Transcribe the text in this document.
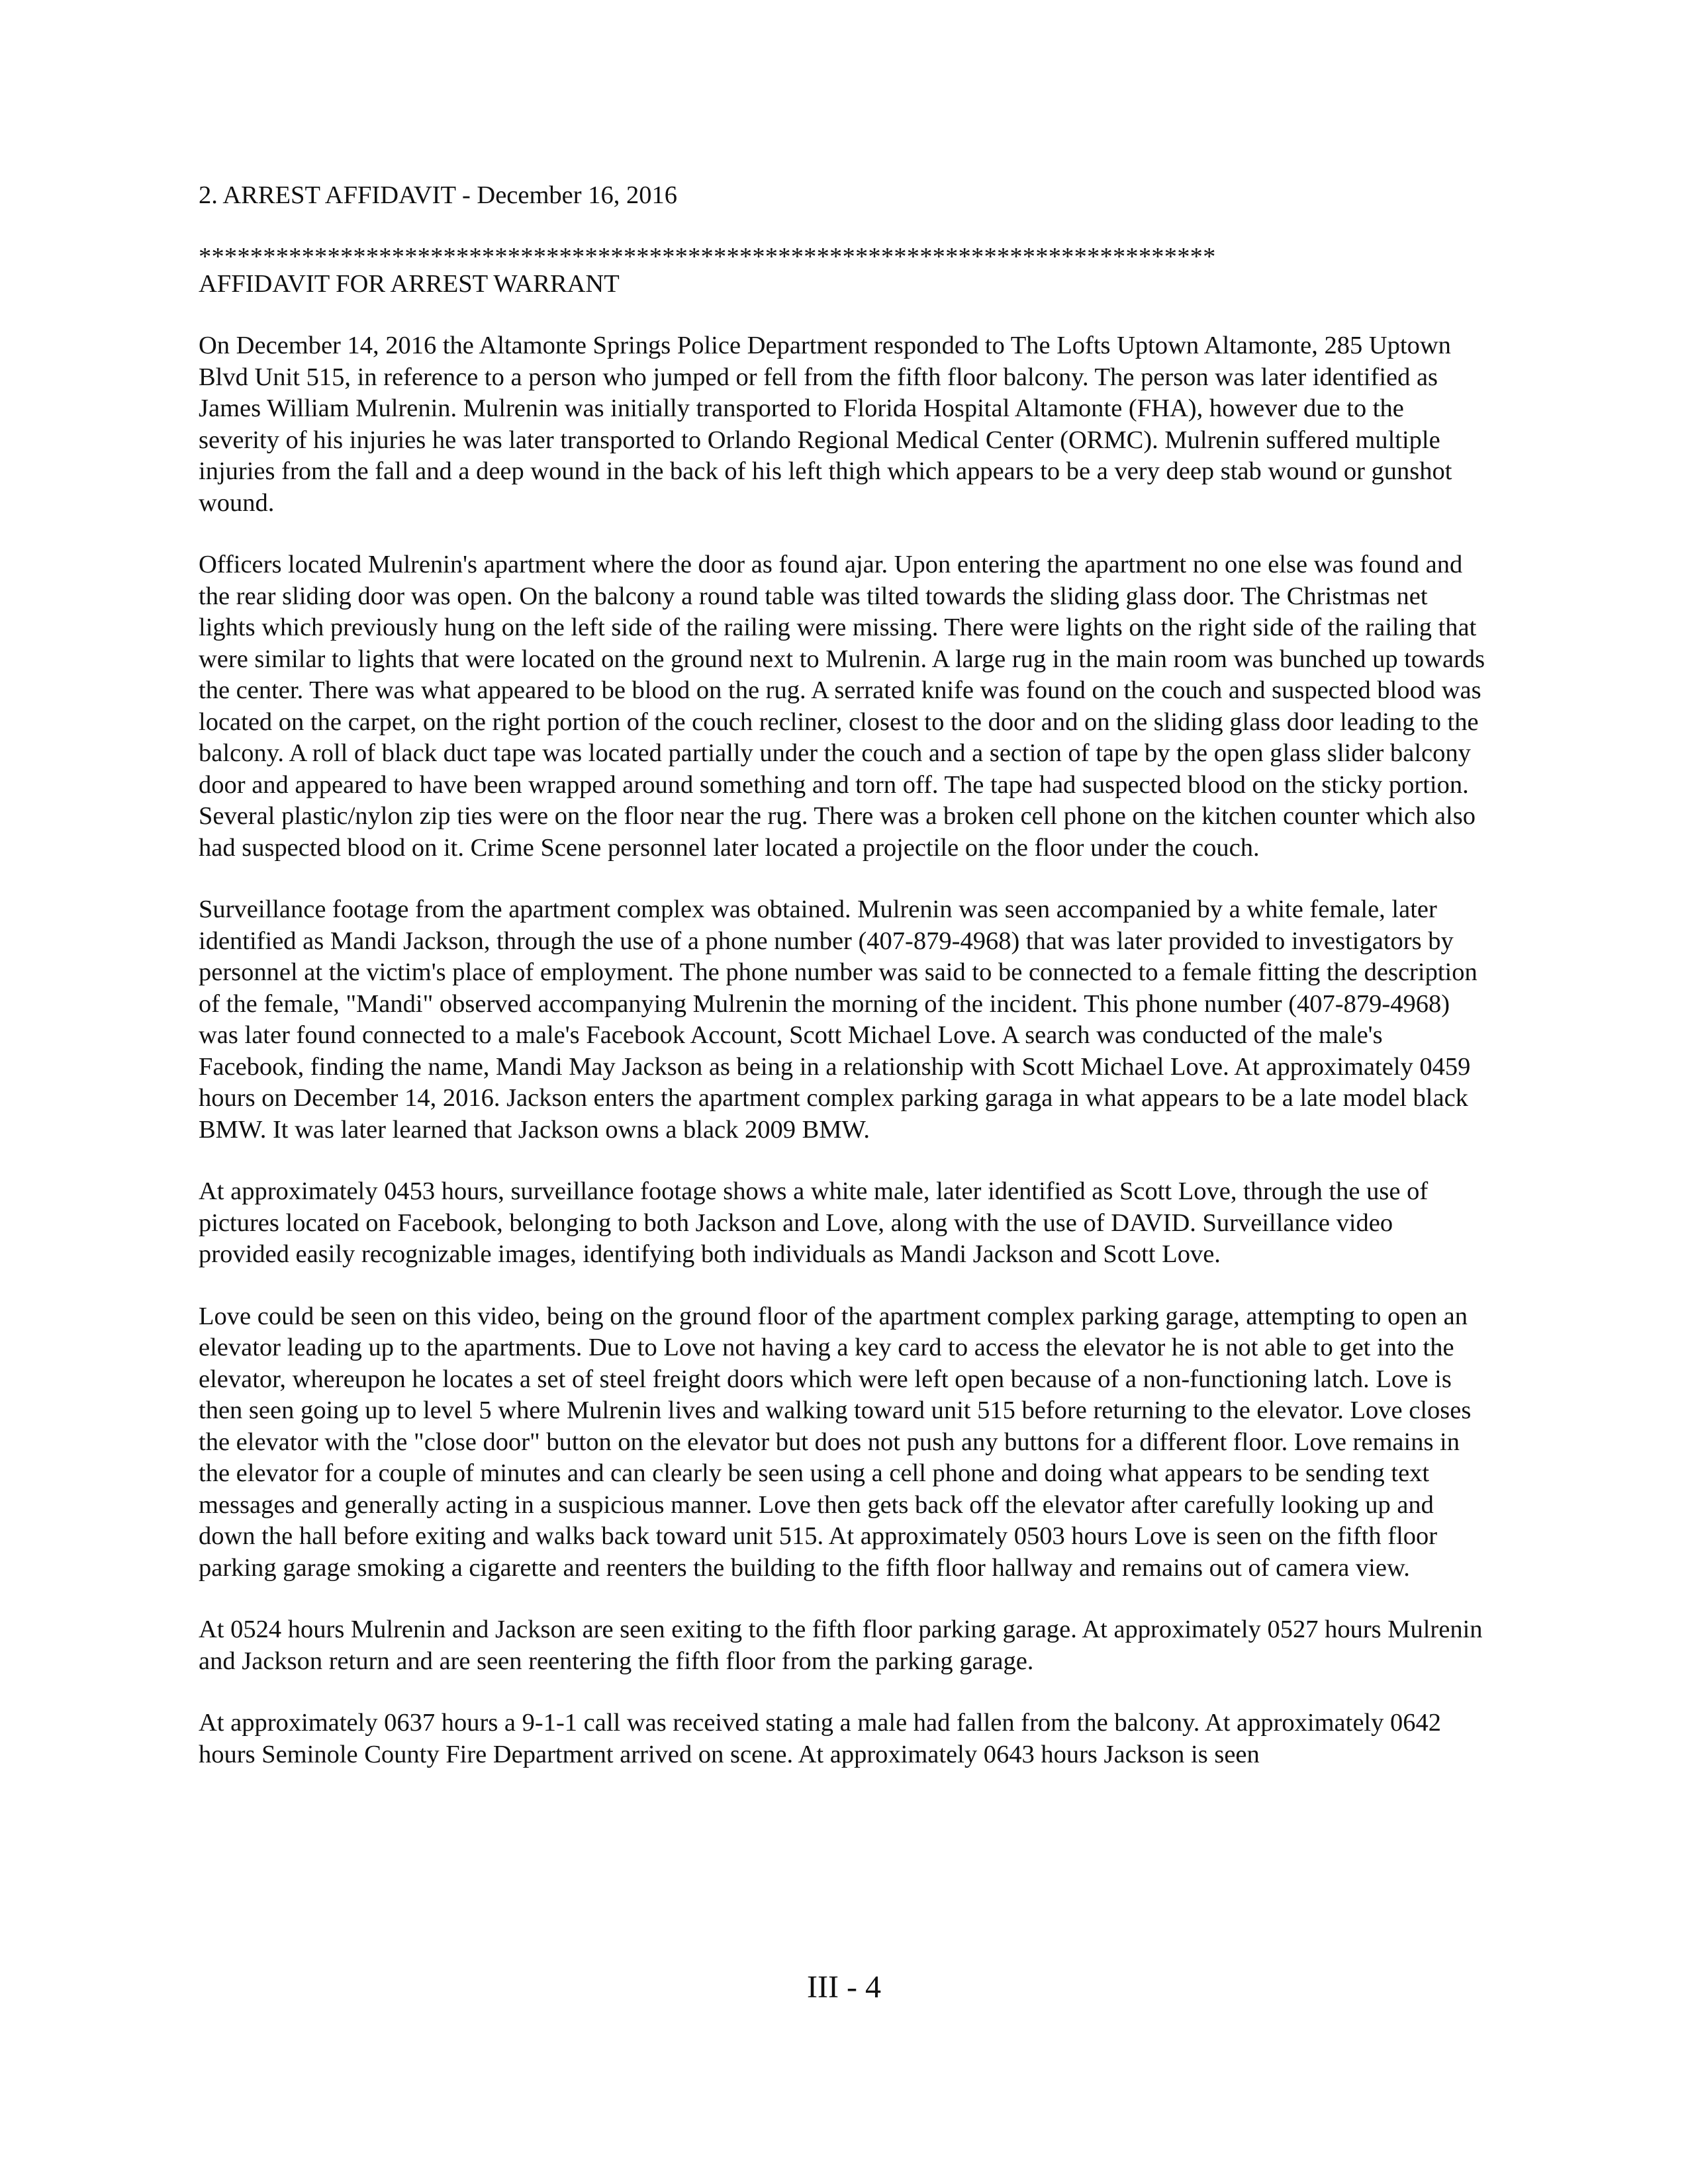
2. ARREST AFFIDAVIT - December 16, 2016

*******************************************************************************

AFFIDAVIT FOR ARREST WARRANT

On December 14, 2016 the Altamonte Springs Police Department responded to The Lofts Uptown Altamonte, 285 Uptown Blvd Unit 515, in reference to a person who jumped or fell from the fifth floor balcony. The person was later identified as James William Mulrenin. Mulrenin was initially transported to Florida Hospital Altamonte (FHA), however due to the severity of his injuries he was later transported to Orlando Regional Medical Center (ORMC). Mulrenin suffered multiple injuries from the fall and a deep wound in the back of his left thigh which appears to be a very deep stab wound or gunshot wound.

Officers located Mulrenin's apartment where the door as found ajar. Upon entering the apartment no one else was found and the rear sliding door was open. On the balcony a round table was tilted towards the sliding glass door. The Christmas net lights which previously hung on the left side of the railing were missing. There were lights on the right side of the railing that were similar to lights that were located on the ground next to Mulrenin. A large rug in the main room was bunched up towards the center. There was what appeared to be blood on the rug. A serrated knife was found on the couch and suspected blood was located on the carpet, on the right portion of the couch recliner, closest to the door and on the sliding glass door leading to the balcony. A roll of black duct tape was located partially under the couch and a section of tape by the open glass slider balcony door and appeared to have been wrapped around something and torn off. The tape had suspected blood on the sticky portion. Several plastic/nylon zip ties were on the floor near the rug. There was a broken cell phone on the kitchen counter which also had suspected blood on it. Crime Scene personnel later located a projectile on the floor under the couch.

Surveillance footage from the apartment complex was obtained. Mulrenin was seen accompanied by a white female, later identified as Mandi Jackson, through the use of a phone number (407-879-4968) that was later provided to investigators by personnel at the victim's place of employment. The phone number was said to be connected to a female fitting the description of the female, "Mandi" observed accompanying Mulrenin the morning of the incident. This phone number (407-879-4968) was later found connected to a male's Facebook Account, Scott Michael Love. A search was conducted of the male's Facebook, finding the name, Mandi May Jackson as being in a relationship with Scott Michael Love. At approximately 0459 hours on December 14, 2016. Jackson enters the apartment complex parking garaga in what appears to be a late model black BMW. It was later learned that Jackson owns a black 2009 BMW.

At approximately 0453 hours, surveillance footage shows a white male, later identified as Scott Love, through the use of pictures located on Facebook, belonging to both Jackson and Love, along with the use of DAVID. Surveillance video provided easily recognizable images, identifying both individuals as Mandi Jackson and Scott Love.

Love could be seen on this video, being on the ground floor of the apartment complex parking garage, attempting to open an elevator leading up to the apartments. Due to Love not having a key card to access the elevator he is not able to get into the elevator, whereupon he locates a set of steel freight doors which were left open because of a non-functioning latch. Love is then seen going up to level 5 where Mulrenin lives and walking toward unit 515 before returning to the elevator. Love closes the elevator with the "close door" button on the elevator but does not push any buttons for a different floor. Love remains in the elevator for a couple of minutes and can clearly be seen using a cell phone and doing what appears to be sending text messages and generally acting in a suspicious manner. Love then gets back off the elevator after carefully looking up and down the hall before exiting and walks back toward unit 515. At approximately 0503 hours Love is seen on the fifth floor parking garage smoking a cigarette and reenters the building to the fifth floor hallway and remains out of camera view.

At 0524 hours Mulrenin and Jackson are seen exiting to the fifth floor parking garage. At approximately 0527 hours Mulrenin and Jackson return and are seen reentering the fifth floor from the parking garage.

At approximately 0637 hours a 9-1-1 call was received stating a male had fallen from the balcony. At approximately 0642 hours Seminole County Fire Department arrived on scene. At approximately 0643 hours Jackson is seen

III - 4
